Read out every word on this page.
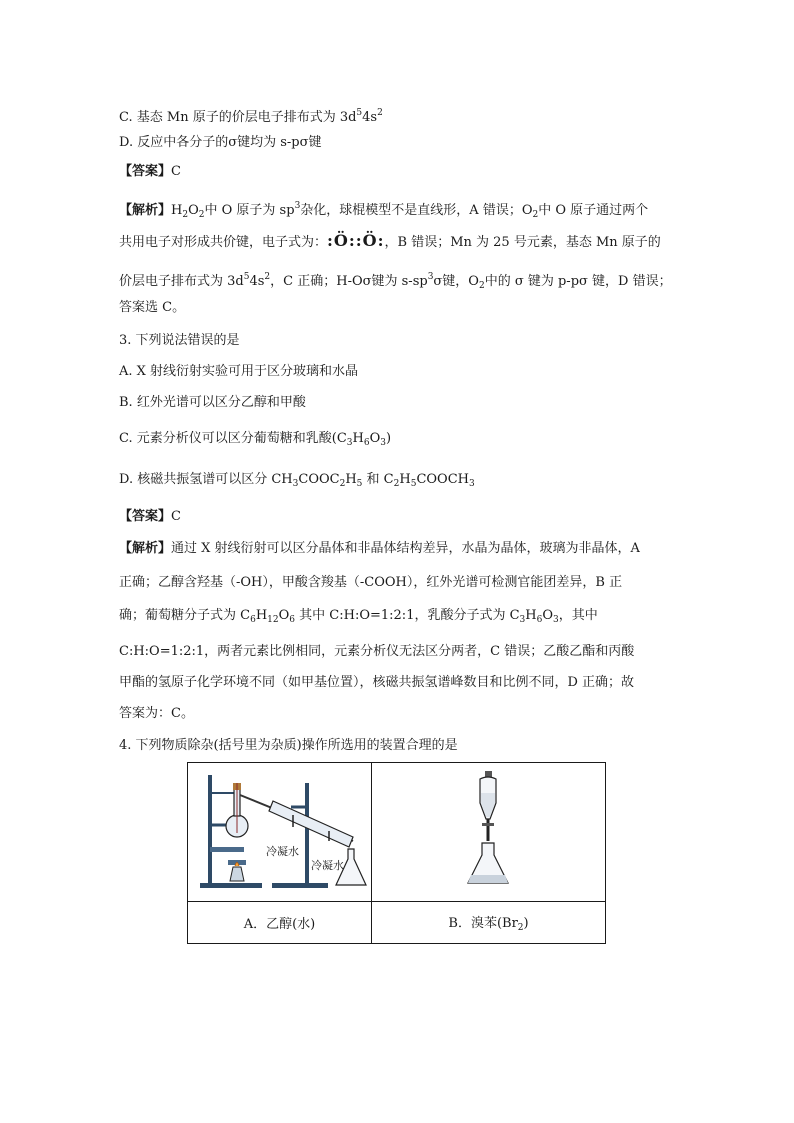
C. 基态 Mn 原子的价层电子排布式为 $3d^54s^2$
D. 反应中各分子的σ键均为 s-pσ键
【答案】C
【解析】$H_2O_2$中 O 原子为 $sp^3$杂化，球棍模型不是直线形，A 错误；$O_2$中 O 原子通过两个
共用电子对形成共价键，电子式为：:Ö::Ö:，B 错误；Mn 为 25 号元素，基态 Mn 原子的
价层电子排布式为 $3d^54s^2$，C 正确；H-Oσ键为 $s-sp^3\sigma$键，$O_2$中的 σ 键为 p-pσ 键，D 错误；
答案选 C。
3. 下列说法错误的是
A. X 射线衍射实验可用于区分玻璃和水晶
B. 红外光谱可以区分乙醇和甲酸
C. 元素分析仪可以区分葡萄糖和乳酸$(C_3H_6O_3)$
D. 核磁共振氢谱可以区分 $CH_3COOC_2H_5$ 和 $C_2H_5COOCH_3$
【答案】C
【解析】通过 X 射线衍射可以区分晶体和非晶体结构差异，水晶为晶体，玻璃为非晶体，A
正确；乙醇含羟基（-OH），甲酸含羧基（-COOH），红外光谱可检测官能团差异，B 正
确；葡萄糖分子式为 $C_6H_{12}O_6$ 其中 C:H:O=1:2:1，乳酸分子式为 $C_3H_6O_3$，其中
C:H:O=1:2:1，两者元素比例相同，元素分析仪无法区分两者，C 错误；乙酸乙酯和丙酸
甲酯的氢原子化学环境不同（如甲基位置），核磁共振氢谱峰数目和比例不同，D 正确；故
答案为：C。
4. 下列物质除杂(括号里为杂质)操作所选用的装置合理的是
冷凝水
冷凝水

A．乙醇(水)	B．溴苯$(Br_2)$
